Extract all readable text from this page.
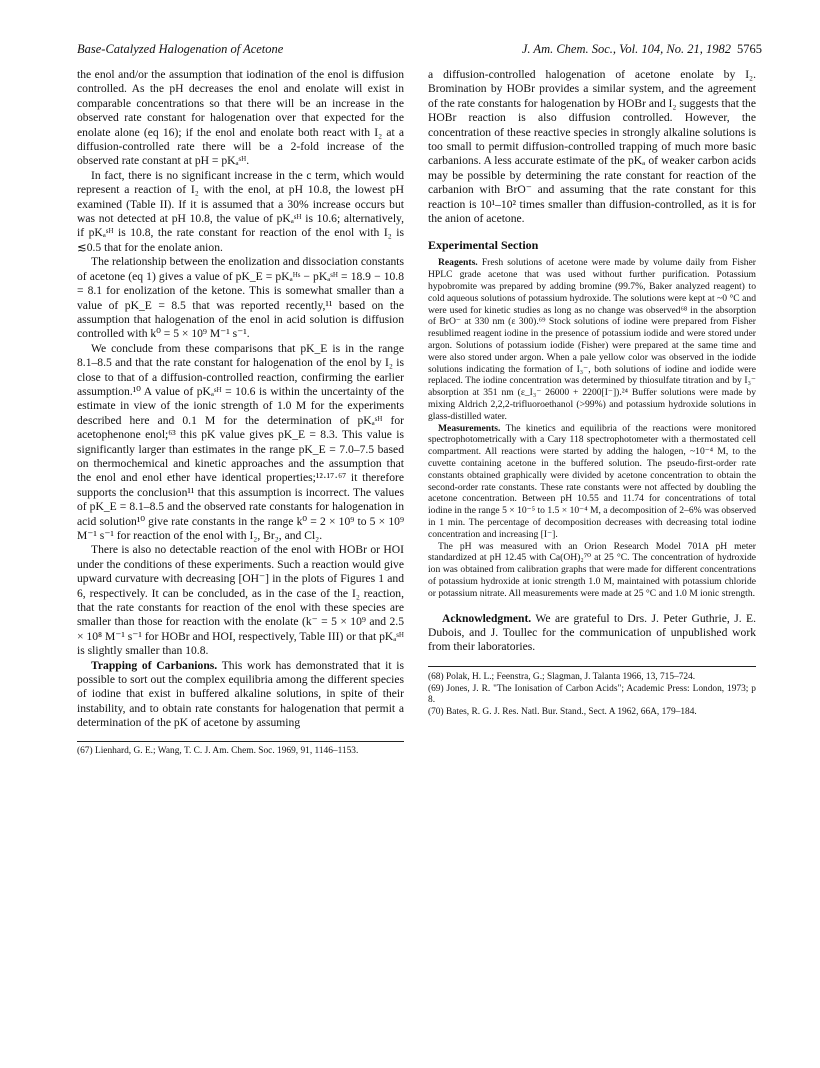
Base-Catalyzed Halogenation of Acetone	J. Am. Chem. Soc., Vol. 104, No. 21, 1982 5765

the enol and/or the assumption that iodination of the enol is diffusion controlled. As the pH decreases the enol and enolate will exist in comparable concentrations so that there will be an increase in the observed rate constant for halogenation over that expected for the enolate alone (eq 16); if the enol and enolate both react with I₂ at a diffusion-controlled rate there will be a 2-fold increase of the observed rate constant at pH = pKₐˢᴴ.

In fact, there is no significant increase in the c term, which would represent a reaction of I₂ with the enol, at pH 10.8, the lowest pH examined (Table II). If it is assumed that a 30% increase occurs but was not detected at pH 10.8, the value of pKₐˢᴴ is 10.6; alternatively, if pKₐˢᴴ is 10.8, the rate constant for reaction of the enol with I₂ is ≲0.5 that for the enolate anion.

The relationship between the enolization and dissociation constants of acetone (eq 1) gives a value of pK_E = pKₐᴴˢ − pKₐˢᴴ = 18.9 − 10.8 = 8.1 for enolization of the ketone. This is somewhat smaller than a value of pK_E = 8.5 that was reported recently,¹¹ based on the assumption that halogenation of the enol in acid solution is diffusion controlled with k⁰ = 5 × 10⁹ M⁻¹ s⁻¹.

We conclude from these comparisons that pK_E is in the range 8.1–8.5 and that the rate constant for halogenation of the enol by I₂ is close to that of a diffusion-controlled reaction, confirming the earlier assumption.¹⁰ A value of pKₐˢᴴ = 10.6 is within the uncertainty of the estimate in view of the ionic strength of 1.0 M for the experiments described here and 0.1 M for the determination of pKₐˢᴴ for acetophenone enol;⁶³ this pK value gives pK_E = 8.3. This value is significantly larger than estimates in the range pK_E = 7.0–7.5 based on thermochemical and kinetic approaches and the assumption that the enol and enol ether have identical properties;¹²·¹⁷·⁶⁷ it therefore supports the conclusion¹¹ that this assumption is incorrect. The values of pK_E = 8.1–8.5 and the observed rate constants for halogenation in acid solution¹⁰ give rate constants in the range k⁰ = 2 × 10⁹ to 5 × 10⁹ M⁻¹ s⁻¹ for reaction of the enol with I₂, Br₂, and Cl₂.

There is also no detectable reaction of the enol with HOBr or HOI under the conditions of these experiments. Such a reaction would give upward curvature with decreasing [OH⁻] in the plots of Figures 1 and 6, respectively. It can be concluded, as in the case of the I₂ reaction, that the rate constants for reaction of the enol with these species are smaller than those for reaction with the enolate (k⁻ = 5 × 10⁹ and 2.5 × 10⁸ M⁻¹ s⁻¹ for HOBr and HOI, respectively, Table III) or that pKₐˢᴴ is slightly smaller than 10.8.

Trapping of Carbanions. This work has demonstrated that it is possible to sort out the complex equilibria among the different species of iodine that exist in buffered alkaline solutions, in spite of their instability, and to obtain rate constants for halogenation that permit a determination of the pK of acetone by assuming

a diffusion-controlled halogenation of acetone enolate by I₂. Bromination by HOBr provides a similar system, and the agreement of the rate constants for halogenation by HOBr and I₂ suggests that the HOBr reaction is also diffusion controlled. However, the concentration of these reactive species in strongly alkaline solutions is too small to permit diffusion-controlled trapping of much more basic carbanions. A less accurate estimate of the pKₐ of weaker carbon acids may be possible by determining the rate constant for reaction of the carbanion with BrO⁻ and assuming that the rate constant for this reaction is 10¹–10² times smaller than diffusion-controlled, as it is for the anion of acetone.

Experimental Section

Reagents. Fresh solutions of acetone were made by volume daily from Fisher HPLC grade acetone that was used without further purification. Potassium hypobromite was prepared by adding bromine (99.7%, Baker analyzed reagent) to cold aqueous solutions of potassium hydroxide. The solutions were kept at ~0 °C and were used for kinetic studies as long as no change was observed⁶⁸ in the absorption of BrO⁻ at 330 nm (ε 300).⁶⁹ Stock solutions of iodine were prepared from Fisher resublimed reagent iodine in the presence of potassium iodide and were stored under argon. Solutions of potassium iodide (Fisher) were prepared at the same time and were also stored under argon. When a pale yellow color was observed in the iodide solutions indicating the formation of I₃⁻, both solutions of iodine and iodide were replaced. The iodine concentration was determined by thiosulfate titration and by I₃⁻ absorption at 351 nm (ε_I₃⁻ 26000 + 2200[I⁻]).²⁴ Buffer solutions were made by mixing Aldrich 2,2,2-trifluoroethanol (>99%) and potassium hydroxide solutions in glass-distilled water.

Measurements. The kinetics and equilibria of the reactions were monitored spectrophotometrically with a Cary 118 spectrophotometer with a thermostated cell compartment. All reactions were started by adding the halogen, ~10⁻⁴ M, to the cuvette containing acetone in the buffered solution. The pseudo-first-order rate constants obtained graphically were divided by acetone concentration to obtain the second-order rate constants. These rate constants were not affected by doubling the acetone concentration. Between pH 10.55 and 11.74 for concentrations of total iodine in the range 5 × 10⁻⁵ to 1.5 × 10⁻⁴ M, a decomposition of 2–6% was observed in 1 min. The percentage of decomposition decreases with decreasing total iodine concentration and increasing [I⁻].

The pH was measured with an Orion Research Model 701A pH meter standardized at pH 12.45 with Ca(OH)₂⁷⁰ at 25 °C. The concentration of hydroxide ion was obtained from calibration graphs that were made for different concentrations of potassium hydroxide at ionic strength 1.0 M, maintained with potassium chloride or potassium nitrate. All measurements were made at 25 °C and 1.0 M ionic strength.

Acknowledgment. We are grateful to Drs. J. Peter Guthrie, J. E. Dubois, and J. Toullec for the communication of unpublished work from their laboratories.

(67) Lienhard, G. E.; Wang, T. C. J. Am. Chem. Soc. 1969, 91, 1146–1153.

(68) Polak, H. L.; Feenstra, G.; Slagman, J. Talanta 1966, 13, 715–724.

(69) Jones, J. R. "The Ionisation of Carbon Acids"; Academic Press: London, 1973; p 8.

(70) Bates, R. G. J. Res. Natl. Bur. Stand., Sect. A 1962, 66A, 179–184.
